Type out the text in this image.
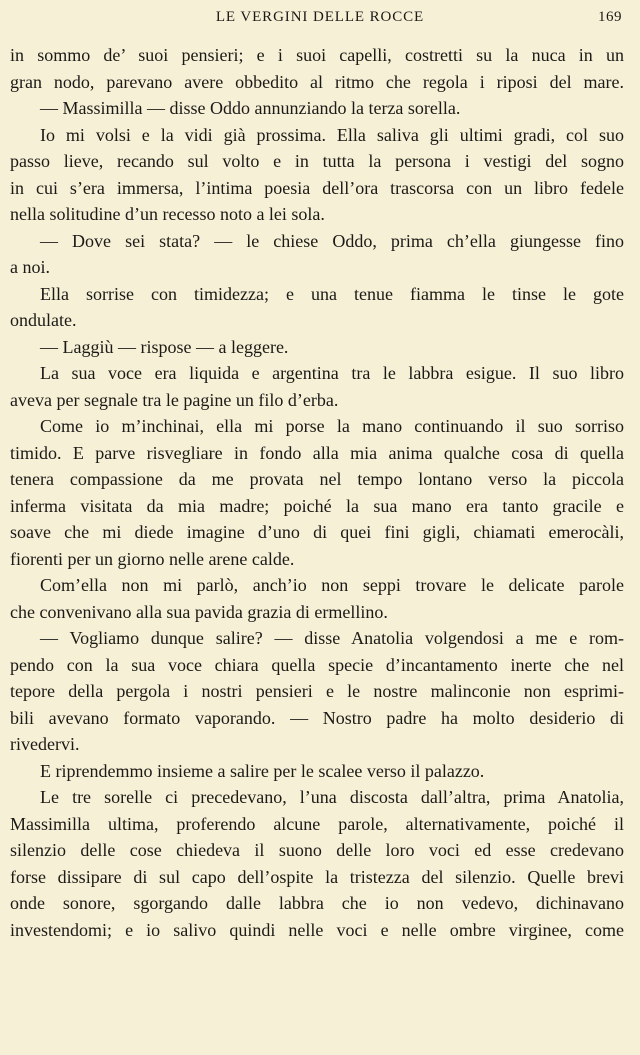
LE VERGINI DELLE ROCCE	169
in sommo de’ suoi pensieri; e i suoi capelli, costretti su la nuca in un
gran nodo, parevano avere obbedito al ritmo che regola i riposi del mare.
— Massimilla — disse Oddo annunziando la terza sorella.
Io mi volsi e la vidi già prossima. Ella saliva gli ultimi gradi, col suo
passo lieve, recando sul volto e in tutta la persona i vestigi del sogno
in cui s’era immersa, l’intima poesia dell’ora trascorsa con un libro fedele
nella solitudine d’un recesso noto a lei sola.
— Dove sei stata? — le chiese Oddo, prima ch’ella giungesse fino
a noi.
Ella sorrise con timidezza; e una tenue fiamma le tinse le gote
ondulate.
— Laggiù — rispose — a leggere.
La sua voce era liquida e argentina tra le labbra esigue. Il suo libro
aveva per segnale tra le pagine un filo d’erba.
Come io m’inchinai, ella mi porse la mano continuando il suo sorriso
timido. E parve risvegliare in fondo alla mia anima qualche cosa di quella
tenera compassione da me provata nel tempo lontano verso la piccola
inferma visitata da mia madre; poiché la sua mano era tanto gracile e
soave che mi diede imagine d’uno di quei fini gigli, chiamati emerocàli,
fiorenti per un giorno nelle arene calde.
Com’ella non mi parlò, anch’io non seppi trovare le delicate parole
che convenivano alla sua pavida grazia di ermellino.
— Vogliamo dunque salire? — disse Anatolia volgendosi a me e rom-
pendo con la sua voce chiara quella specie d’incantamento inerte che nel
tepore della pergola i nostri pensieri e le nostre malinconie non esprimi-
bili avevano formato vaporando. — Nostro padre ha molto desiderio di
rivedervi.
E riprendemmo insieme a salire per le scalee verso il palazzo.
Le tre sorelle ci precedevano, l’una discosta dall’altra, prima Anatolia,
Massimilla ultima, proferendo alcune parole, alternativamente, poiché il
silenzio delle cose chiedeva il suono delle loro voci ed esse credevano
forse dissipare di sul capo dell’ospite la tristezza del silenzio. Quelle brevi
onde sonore, sgorgando dalle labbra che io non vedevo, dichinavano
investendomi; e io salivo quindi nelle voci e nelle ombre virginee, come
